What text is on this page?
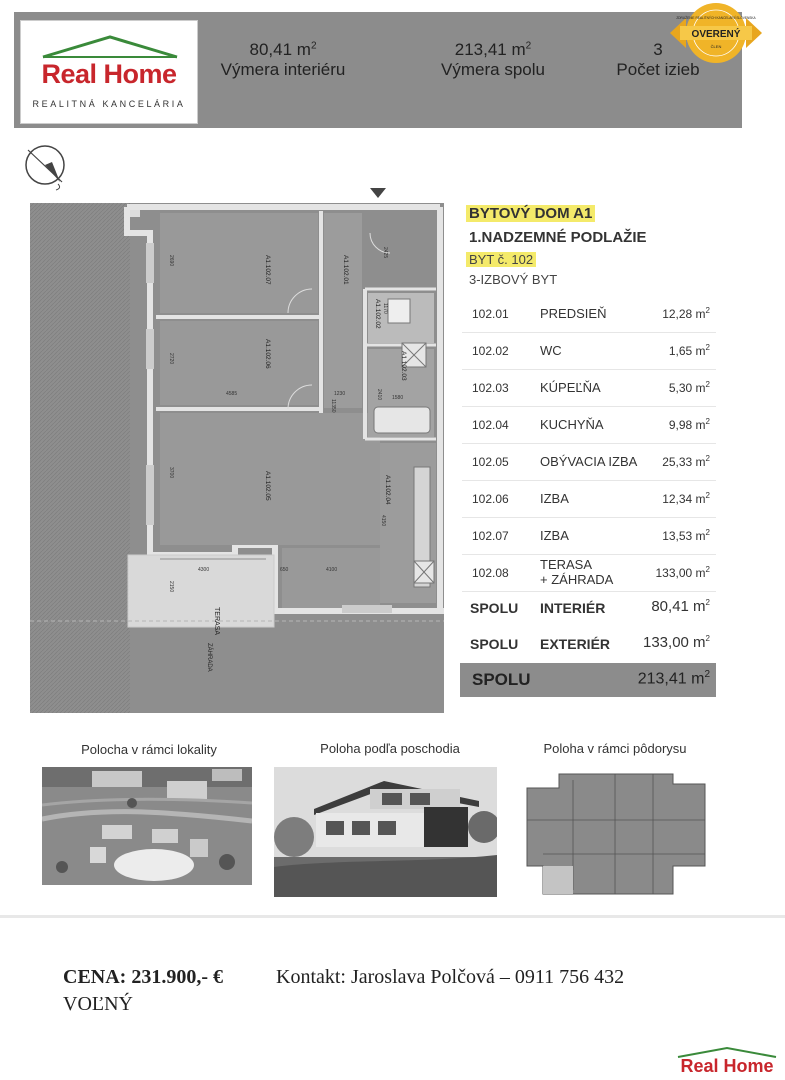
Real Home
REALITNÁ KANCELÁRIA
80,41 $m^2$
Výmera interiéru
213,41 $m^2$
Výmera spolu
3
Počet izieb
OVERENÝ
ČLEN
ZDRUŽENIE REALITNÝCH KANCELÁRIÍ SLOVENSKA
A1.102.07	A1.102.01
A1.102.06
A1.102.05	A1.102.04
A1.102.02
A1.102.03
TERASA
ZÁHRADA
2690
2720
3700
4585	1230
11350
2425
1580
1170
2410
4150
4300
2150
4100
650
BYTOVÝ DOM A1
1.NADZEMNÉ PODLAŽIE
BYT č. 102
3-IZBOVÝ BYT
102.01 PREDSIEŇ	12,28 $m^2$
102.02 WC	1,65 $m^2$
102.03 KÚPEĽŇA	5,30 $m^2$
102.04 KUCHYŇA	9,98 $m^2$
102.05 OBÝVACIA IZBA 25,33 $m^2$
102.06 IZBA	12,34 $m^2$
102.07 IZBA	13,53 $m^2$
102.08
TERASA
+ ZÁHRADA	133,00 $m^2$
SPOLU INTERIÉR	80,41 $m^2$
SPOLU EXTERIÉR 133,00 $m^2$
SPOLU	213,41 $m^2$
Polocha v rámci lokality	Poloha podľa poschodia	Poloha v rámci pôdorysu
CENA: 231.900,- €	Kontakt: Jaroslava Polčová – 0911 756 432
VOĽNÝ
Real Home
